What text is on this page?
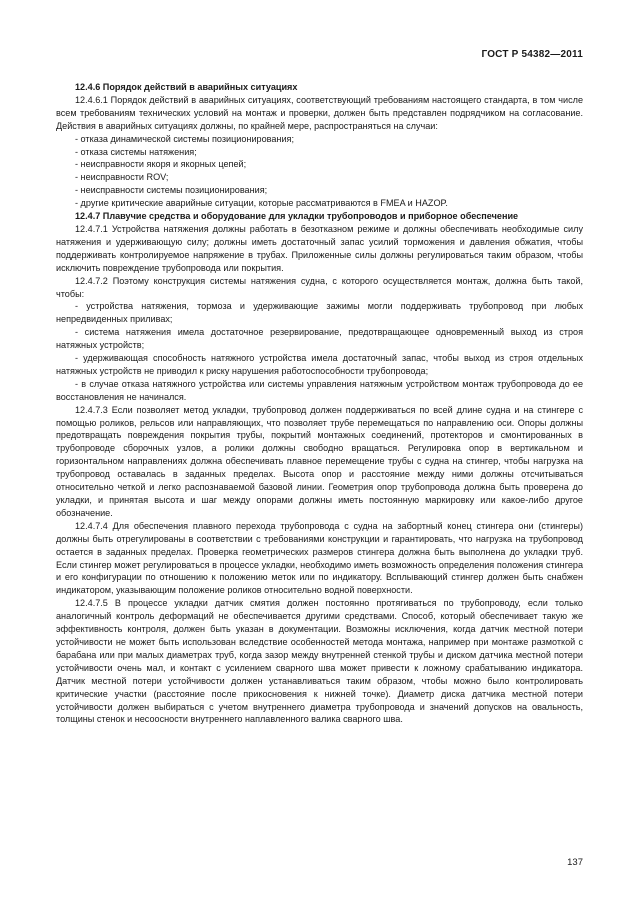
ГОСТ Р 54382—2011

12.4.6 Порядок действий в аварийных ситуациях

12.4.6.1 Порядок действий в аварийных ситуациях, соответствующий требованиям настоящего стандарта, в том числе всем требованиям технических условий на монтаж и проверки, должен быть представлен подрядчиком на согласование. Действия в аварийных ситуациях должны, по крайней мере, распространяться на случаи:

- отказа динамической системы позиционирования;

- отказа системы натяжения;

- неисправности якоря и якорных цепей;

- неисправности ROV;

- неисправности системы позиционирования;

- другие критические аварийные ситуации, которые рассматриваются в FMEA и HAZOP.

12.4.7 Плавучие средства и оборудование для укладки трубопроводов и приборное обеспечение

12.4.7.1 Устройства натяжения должны работать в безотказном режиме и должны обеспечивать необходимые силу натяжения и удерживающую силу; должны иметь достаточный запас усилий торможения и давления обжатия, чтобы поддерживать контролируемое напряжение в трубах. Приложенные силы должны регулироваться таким образом, чтобы исключить повреждение трубопровода или покрытия.

12.4.7.2 Поэтому конструкция системы натяжения судна, с которого осуществляется монтаж, должна быть такой, чтобы:

- устройства натяжения, тормоза и удерживающие зажимы могли поддерживать трубопровод при любых непредвиденных приливах;

- система натяжения имела достаточное резервирование, предотвращающее одновременный выход из строя натяжных устройств;

- удерживающая способность натяжного устройства имела достаточный запас, чтобы выход из строя отдельных натяжных устройств не приводил к риску нарушения работоспособности трубопровода;

- в случае отказа натяжного устройства или системы управления натяжным устройством монтаж трубопровода до ее восстановления не начинался.

12.4.7.3 Если позволяет метод укладки, трубопровод должен поддерживаться по всей длине судна и на стингере с помощью роликов, рельсов или направляющих, что позволяет трубе перемещаться по направлению оси. Опоры должны предотвращать повреждения покрытия трубы, покрытий монтажных соединений, протекторов и смонтированных в трубопроводе сборочных узлов, а ролики должны свободно вращаться. Регулировка опор в вертикальном и горизонтальном направлениях должна обеспечивать плавное перемещение трубы с судна на стингер, чтобы нагрузка на трубопровод оставалась в заданных пределах. Высота опор и расстояние между ними должны отсчитываться относительно четкой и легко распознаваемой базовой линии. Геометрия опор трубопровода должна быть проверена до укладки, и принятая высота и шаг между опорами должны иметь постоянную маркировку или какое-либо другое обозначение.

12.4.7.4 Для обеспечения плавного перехода трубопровода с судна на забортный конец стингера они (стингеры) должны быть отрегулированы в соответствии с требованиями конструкции и гарантировать, что нагрузка на трубопровод остается в заданных пределах. Проверка геометрических размеров стингера должна быть выполнена до укладки труб. Если стингер может регулироваться в процессе укладки, необходимо иметь возможность определения положения стингера и его конфигурации по отношению к положению меток или по индикатору. Всплывающий стингер должен быть снабжен индикатором, указывающим положение роликов относительно водной поверхности.

12.4.7.5 В процессе укладки датчик смятия должен постоянно протягиваться по трубопроводу, если только аналогичный контроль деформаций не обеспечивается другими средствами. Способ, который обеспечивает такую же эффективность контроля, должен быть указан в документации. Возможны исключения, когда датчик местной потери устойчивости не может быть использован вследствие особенностей метода монтажа, например при монтаже размоткой с барабана или при малых диаметрах труб, когда зазор между внутренней стенкой трубы и диском датчика местной потери устойчивости очень мал, и контакт с усилением сварного шва может привести к ложному срабатыванию индикатора. Датчик местной потери устойчивости должен устанавливаться таким образом, чтобы можно было контролировать критические участки (расстояние после прикосновения к нижней точке). Диаметр диска датчика местной потери устойчивости должен выбираться с учетом внутреннего диаметра трубопровода и значений допусков на овальность, толщины стенок и несоосности внутреннего наплавленного валика сварного шва.

137
